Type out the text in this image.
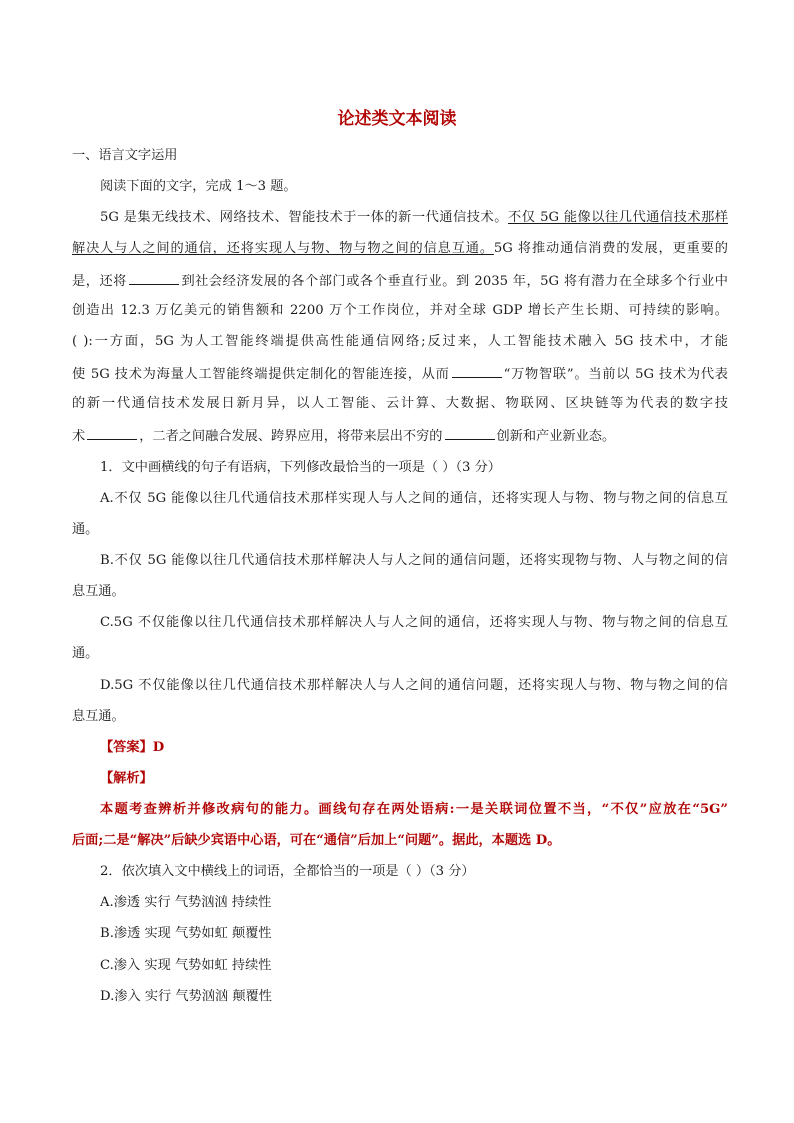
论述类文本阅读
一、语言文字运用
阅读下面的文字，完成 1～3 题。
5G 是集无线技术、网络技术、智能技术于一体的新一代通信技术。不仅 5G 能像以往几代通信技术那样
解决人与人之间的通信，还将实现人与物、物与物之间的信息互通。5G 将推动通信消费的发展，更重要的
是，还将	到社会经济发展的各个部门或各个垂直行业。到 2035 年，5G 将有潜力在全球多个行业中
创造出 12.3 万亿美元的销售额和 2200 万个工作岗位，并对全球 GDP 增长产生长期、可持续的影响。
( ):一方面，5G 为人工智能终端提供高性能通信网络;反过来，人工智能技术融入 5G 技术中，才能
使 5G 技术为海量人工智能终端提供定制化的智能连接，从而	“万物智联”。当前以 5G 技术为代表
的新一代通信技术发展日新月异，以人工智能、云计算、大数据、物联网、区块链等为代表的数字技
术	，二者之间融合发展、跨界应用，将带来层出不穷的	创新和产业新业态。
1．文中画横线的句子有语病，下列修改最恰当的一项是（ ）（3 分）
A.不仅 5G 能像以往几代通信技术那样实现人与人之间的通信，还将实现人与物、物与物之间的信息互
通。
B.不仅 5G 能像以往几代通信技术那样解决人与人之间的通信问题，还将实现物与物、人与物之间的信
息互通。
C.5G 不仅能像以往几代通信技术那样解决人与人之间的通信，还将实现人与物、物与物之间的信息互
通。
D.5G 不仅能像以往几代通信技术那样解决人与人之间的通信问题，还将实现人与物、物与物之间的信
息互通。
【答案】D
【解析】
本题考查辨析并修改病句的能力。画线句存在两处语病:一是关联词位置不当，“不仅”应放在“5G”
后面;二是“解决”后缺少宾语中心语，可在“通信”后加上“问题”。据此，本题选 D。
2．依次填入文中横线上的词语，全都恰当的一项是（ ）（3 分）
A.渗透 实行 气势汹汹 持续性
B.渗透 实现 气势如虹 颠覆性
C.渗入 实现 气势如虹 持续性
D.渗入 实行 气势汹汹 颠覆性
